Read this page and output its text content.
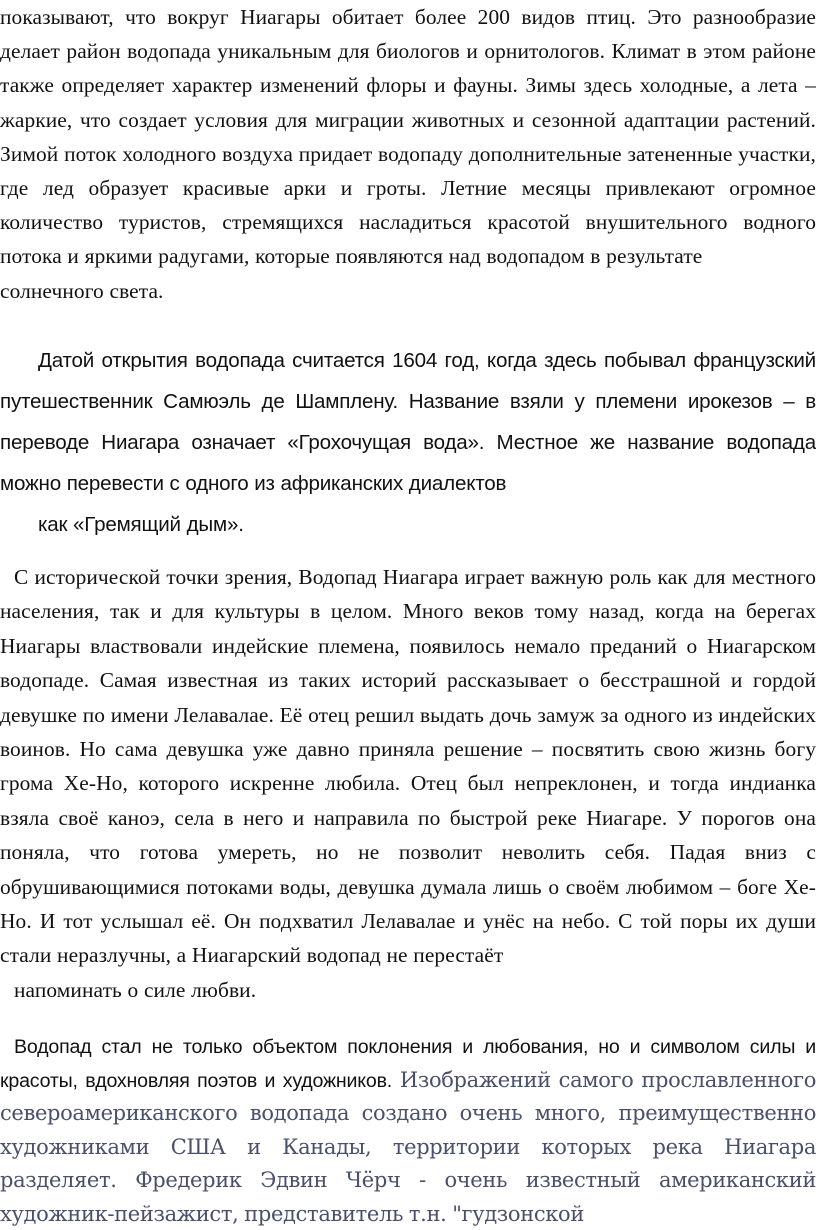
показывают, что вокруг Ниагары обитает более 200 видов птиц. Это разнообразие делает район водопада уникальным для биологов и орнитологов. Климат в этом районе также определяет характер изменений флоры и фауны. Зимы здесь холодные, а лета – жаркие, что создает условия для миграции животных и сезонной адаптации растений. Зимой поток холодного воздуха придает водопаду дополнительные затененные участки, где лед образует красивые арки и гроты. Летние месяцы привлекают огромное количество туристов, стремящихся насладиться красотой внушительного водного потока и яркими радугами, которые появляются над водопадом в результате
солнечного света.

Датой открытия водопада считается 1604 год, когда здесь побывал французский путешественник Самюэль де Шамплену. Название взяли у племени ирокезов – в переводе Ниагара означает «Грохочущая вода». Местное же название водопада можно перевести с одного из африканских диалектов
как «Гремящий дым».

С исторической точки зрения, Водопад Ниагара играет важную роль как для местного населения, так и для культуры в целом. Много веков тому назад, когда на берегах Ниагары властвовали индейские племена, появилось немало преданий о Ниагарском водопаде. Самая известная из таких историй рассказывает о бесстрашной и гордой девушке по имени Лелавалае. Её отец решил выдать дочь замуж за одного из индейских воинов. Но сама девушка уже давно приняла решение – посвятить свою жизнь богу грома Хе-Но, которого искренне любила. Отец был непреклонен, и тогда индианка взяла своё каноэ, села в него и направила по быстрой реке Ниагаре. У порогов она поняла, что готова умереть, но не позволит неволить себя. Падая вниз с обрушивающимися потоками воды, девушка думала лишь о своём любимом – боге Хе-Но. И тот услышал её. Он подхватил Лелавалае и унёс на небо. С той поры их души стали неразлучны, а Ниагарский водопад не перестаёт
напоминать о силе любви.

Водопад стал не только объектом поклонения и любования, но и символом силы и красоты, вдохновляя поэтов и художников. Изображений самого прославленного североамериканского водопада создано очень много, преимущественно художниками США и Канады, территории которых река Ниагара разделяет. Фредерик Эдвин Чёрч - очень известный американский художник-пейзажист, представитель т.н. "гудзонской
